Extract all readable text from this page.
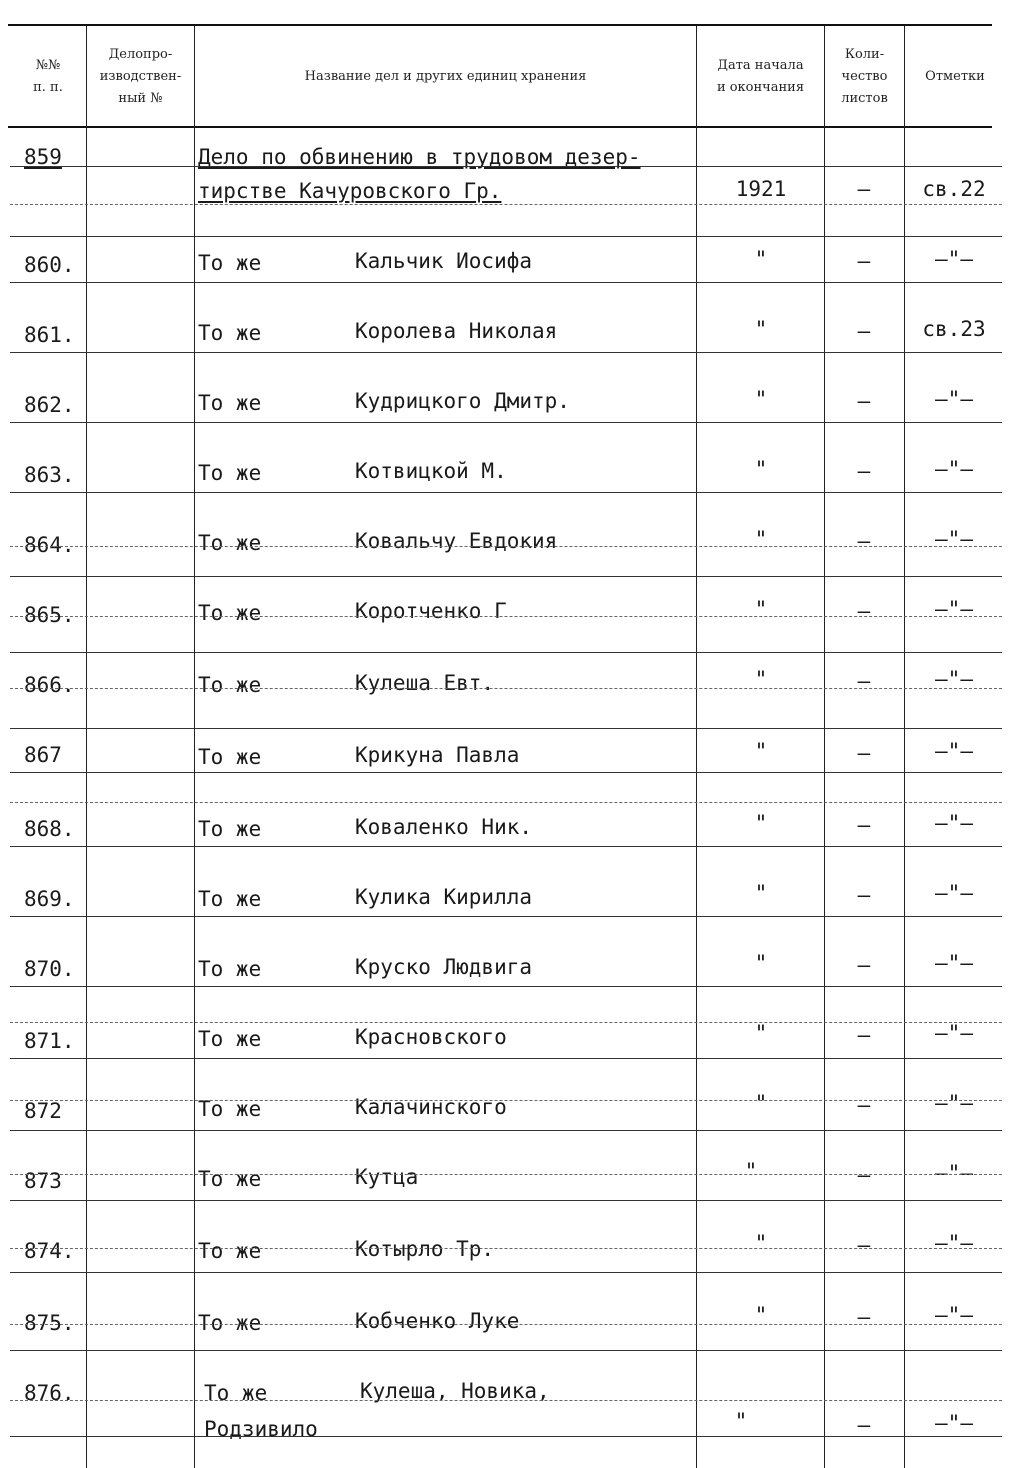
№№
п. п.
Делопро-
изводствен-
ный №
Название дел и других единиц хранения
Дата начала
и окончания
Коли-
чество
листов
Отметки
859	Дело по обвинению в трудовом дезер-
тирстве Качуровского Гр.	1921	–	св.22
860.	То же	Кальчик Иосифа	"	–	–"–
861.	То же	Королева Николая	"	–	св.23
862.	То же	Кудрицкого Дмитр.	"	–	–"–
863.	То же	Котвицкой М.	"	–	–"–
864.	То же	Ковальчу Евдокия	"	–	–"–
865.	То же	Коротченко Г	"	–	–"–
866.	То же	Кулеша Евт.	"	–	–"–
867	То же	Крикуна Павла	"	–	–"–
868.	То же	Коваленко Ник.	"	–	–"–
869.	То же	Кулика Кирилла	"	–	–"–
870.	То же	Круско Людвига	"	–	–"–
871.	То же	Красновского	"	–	–"–
872	То же	Калачинского	"	–	–"–
873	То же	Кутца	"	–	–"–
874.	То же	Котырло Тр.	"	–	–"–
875.	То же	Кобченко Луке	"	–	–"–
876.	То же	Кулеша, Новика,
Родзивило	"	–	–"–
